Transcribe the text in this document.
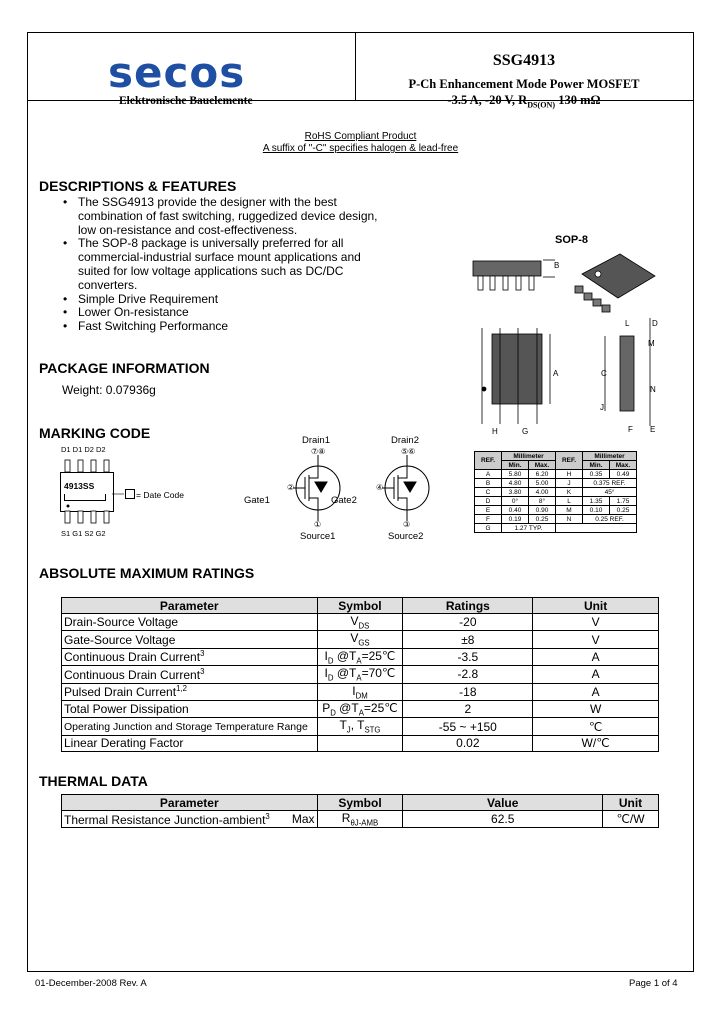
secos
Elektronische Bauelemente
SSG4913
P-Ch Enhancement Mode Power MOSFET
-3.5 A, -20 V, $R_{DS(ON)}$ 130 mΩ
RoHS Compliant Product
A suffix of "-C" specifies halogen & lead-free
DESCRIPTIONS & FEATURES
• The SSG4913 provide the designer with the best combination of fast switching, ruggedized device design, low on-resistance and cost-effectiveness.
• The SOP-8 package is universally preferred for all commercial-industrial surface mount applications and suited for low voltage applications such as DC/DC converters.
• Simple Drive Requirement
• Lower On-resistance
• Fast Switching Performance
SOP-8
B
A
L	D
M
C
N
J
H	G	F E
REF.	Millimeter		REF.	Millimeter	
	Min.	Max.		Min.	Max.
A	5.80	6.20	H	0.35	0.49
B	4.80	5.00	J	0.375 REF.	
C	3.80	4.00	K	45°	
D	0°	8°	L	1.35	1.75
E	0.40	0.90	M	0.10	0.25
F	0.19	0.25	N	0.25 REF.	
G	1.27 TYP.				
PACKAGE INFORMATION
Weight: 0.07936g
MARKING CODE
D1 D1 D2 D2
4913SS
= Date Code
S1 G1 S2 G2
Drain1	Drain2
Gate1	Gate2
Source1	Source2
⑦⑧	⑤⑥
②	④
①	③
ABSOLUTE MAXIMUM RATINGS
Parameter	Symbol	Ratings	Unit
Drain-Source Voltage	$V_{DS}$	-20	V
Gate-Source Voltage	$V_{GS}$	±8	V
Continuous Drain Current$^3$	$I_D$ $@T_A=25℃$	-3.5	A
Continuous Drain Current$^3$	$I_D$ $@T_A=70℃$	-2.8	A
Pulsed Drain Current$^{1,2}$	$I_{DM}$	-18	A
Total Power Dissipation	$P_D$ $@T_A=25℃$	2	W
Operating Junction and Storage Temperature Range	$T_J$, $T_{STG}$	-55 ~ +150	℃
Linear Derating Factor		0.02	W/℃
THERMAL DATA
Parameter	Symbol	Value	Unit
Thermal Resistance Junction-ambient$^3$ Max	$R_{\theta J-AMB}$	62.5	℃/W
01-December-2008 Rev. A	Page 1 of 4
